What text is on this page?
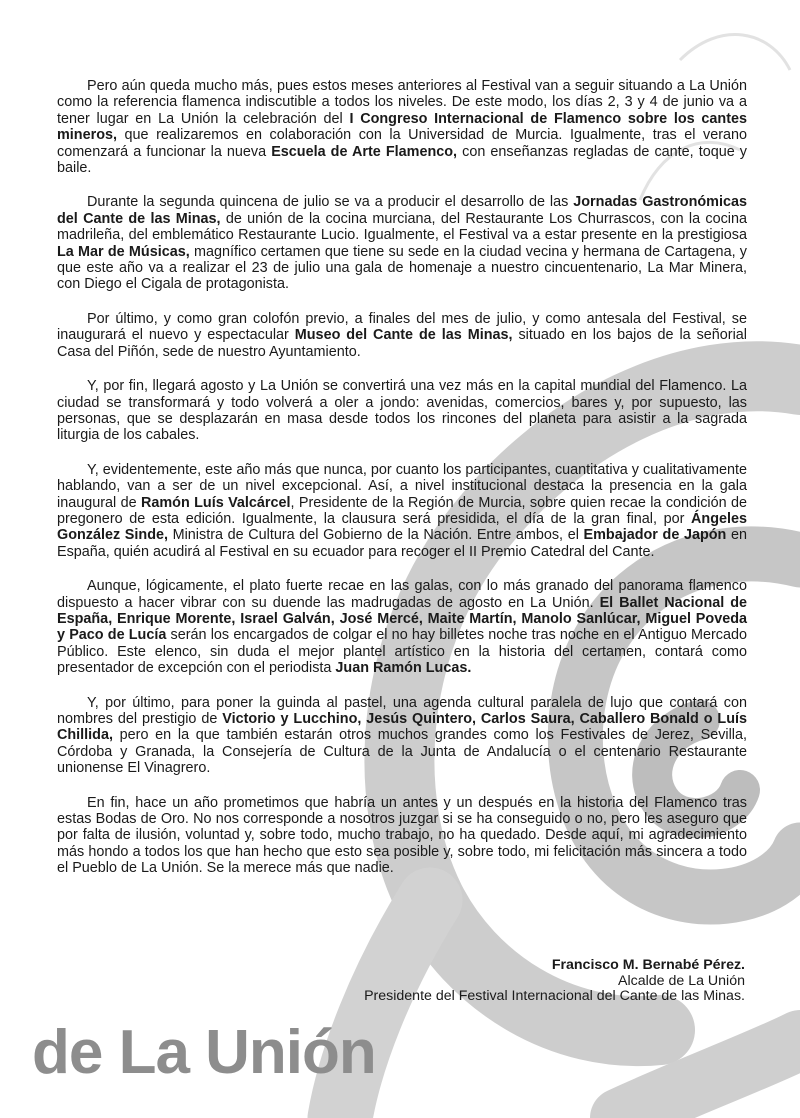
Pero aún queda mucho más, pues estos meses anteriores al Festival van a seguir situando a La Unión como la referencia flamenca indiscutible a todos los niveles. De este modo, los días 2, 3 y 4 de junio va a tener lugar en La Unión la celebración del I Congreso Internacional de Flamenco sobre los cantes mineros, que realizaremos en colaboración con la Universidad de Murcia. Igualmente, tras el verano comenzará a funcionar la nueva Escuela de Arte Flamenco, con enseñanzas regladas de cante, toque y baile.

Durante la segunda quincena de julio se va a producir el desarrollo de las Jornadas Gastronómicas del Cante de las Minas, de unión de la cocina murciana, del Restaurante Los Churrascos, con la cocina madrileña, del emblemático Restaurante Lucio. Igualmente, el Festival va a estar presente en la prestigiosa La Mar de Músicas, magnífico certamen que tiene su sede en la ciudad vecina y hermana de Cartagena, y que este año va a realizar el 23 de julio una gala de homenaje a nuestro cincuentenario, La Mar Minera, con Diego el Cigala de protagonista.

Por último, y como gran colofón previo, a finales del mes de julio, y como antesala del Festival, se inaugurará el nuevo y espectacular Museo del Cante de las Minas, situado en los bajos de la señorial Casa del Piñón, sede de nuestro Ayuntamiento.

Y, por fin, llegará agosto y La Unión se convertirá una vez más en la capital mundial del Flamenco. La ciudad se transformará y todo volverá a oler a jondo: avenidas, comercios, bares y, por supuesto, las personas, que se desplazarán en masa desde todos los rincones del planeta para asistir a la sagrada liturgia de los cabales.

Y, evidentemente, este año más que nunca, por cuanto los participantes, cuantitativa y cualitativamente hablando, van a ser de un nivel excepcional. Así, a nivel institucional destaca la presencia en la gala inaugural de Ramón Luís Valcárcel, Presidente de la Región de Murcia, sobre quien recae la condición de pregonero de esta edición. Igualmente, la clausura será presidida, el día de la gran final, por Ángeles González Sinde, Ministra de Cultura del Gobierno de la Nación. Entre ambos, el Embajador de Japón en España, quién acudirá al Festival en su ecuador para recoger el II Premio Catedral del Cante.

Aunque, lógicamente, el plato fuerte recae en las galas, con lo más granado del panorama flamenco dispuesto a hacer vibrar con su duende las madrugadas de agosto en La Unión. El Ballet Nacional de España, Enrique Morente, Israel Galván, José Mercé, Maite Martín, Manolo Sanlúcar, Miguel Poveda y Paco de Lucía serán los encargados de colgar el no hay billetes noche tras noche en el Antiguo Mercado Público. Este elenco, sin duda el mejor plantel artístico en la historia del certamen, contará como presentador de excepción con el periodista Juan Ramón Lucas.

Y, por último, para poner la guinda al pastel, una agenda cultural paralela de lujo que contará con nombres del prestigio de Victorio y Lucchino, Jesús Quintero, Carlos Saura, Caballero Bonald o Luís Chillida, pero en la que también estarán otros muchos grandes como los Festivales de Jerez, Sevilla, Córdoba y Granada, la Consejería de Cultura de la Junta de Andalucía o el centenario Restaurante unionense El Vinagrero.

En fin, hace un año prometimos que habría un antes y un después en la historia del Flamenco tras estas Bodas de Oro. No nos corresponde a nosotros juzgar si se ha conseguido o no, pero les aseguro que por falta de ilusión, voluntad y, sobre todo, mucho trabajo, no ha quedado. Desde aquí, mi agradecimiento más hondo a todos los que han hecho que esto sea posible y, sobre todo, mi felicitación más sincera a todo el Pueblo de La Unión. Se la merece más que nadie.

Francisco M. Bernabé Pérez.
Alcalde de La Unión
Presidente del Festival Internacional del Cante de las Minas.
de La Unión
